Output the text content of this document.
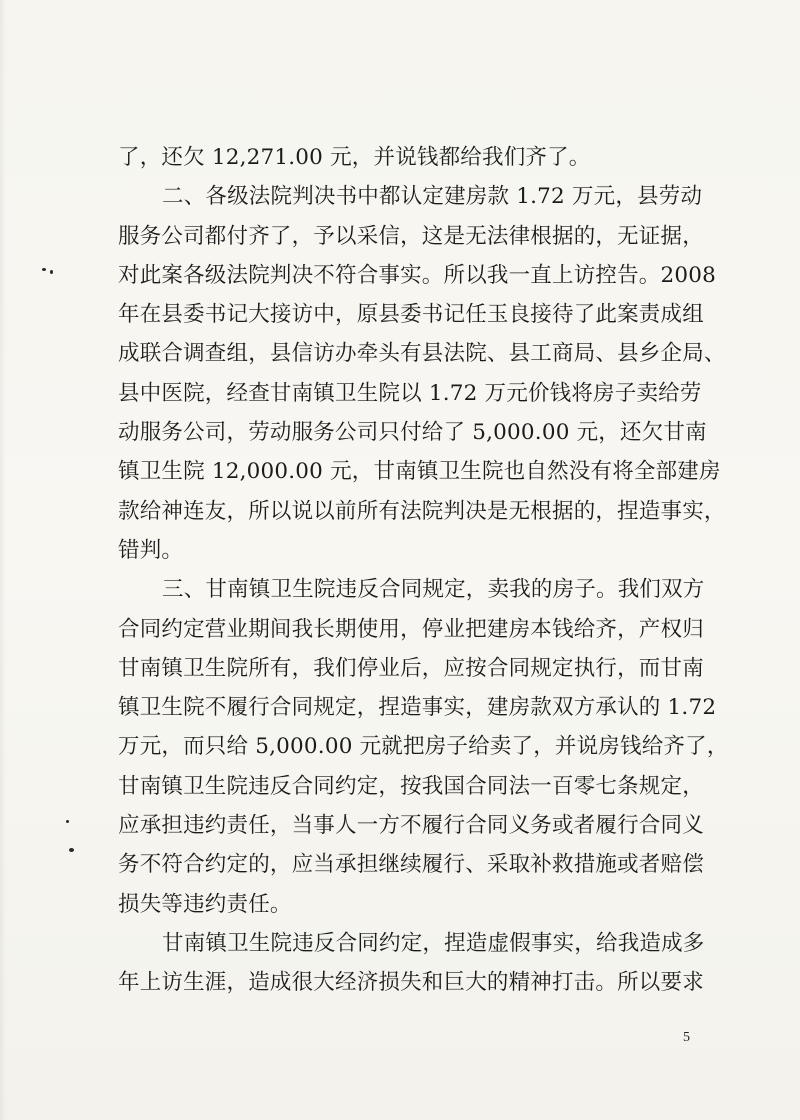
了，还欠 12,271.00 元，并说钱都给我们齐了。
二、各级法院判决书中都认定建房款 1.72 万元，县劳动
服务公司都付齐了，予以采信，这是无法律根据的，无证据，
对此案各级法院判决不符合事实。所以我一直上访控告。2008
年在县委书记大接访中，原县委书记任玉良接待了此案责成组
成联合调查组，县信访办牵头有县法院、县工商局、县乡企局、
县中医院，经查甘南镇卫生院以 1.72 万元价钱将房子卖给劳
动服务公司，劳动服务公司只付给了 5,000.00 元，还欠甘南
镇卫生院 12,000.00 元，甘南镇卫生院也自然没有将全部建房
款给神连友，所以说以前所有法院判决是无根据的，捏造事实，
错判。
三、甘南镇卫生院违反合同规定，卖我的房子。我们双方
合同约定营业期间我长期使用，停业把建房本钱给齐，产权归
甘南镇卫生院所有，我们停业后，应按合同规定执行，而甘南
镇卫生院不履行合同规定，捏造事实，建房款双方承认的 1.72
万元，而只给 5,000.00 元就把房子给卖了，并说房钱给齐了，
甘南镇卫生院违反合同约定，按我国合同法一百零七条规定，
应承担违约责任，当事人一方不履行合同义务或者履行合同义
务不符合约定的，应当承担继续履行、采取补救措施或者赔偿
损失等违约责任。
甘南镇卫生院违反合同约定，捏造虚假事实，给我造成多
年上访生涯，造成很大经济损失和巨大的精神打击。所以要求
5
